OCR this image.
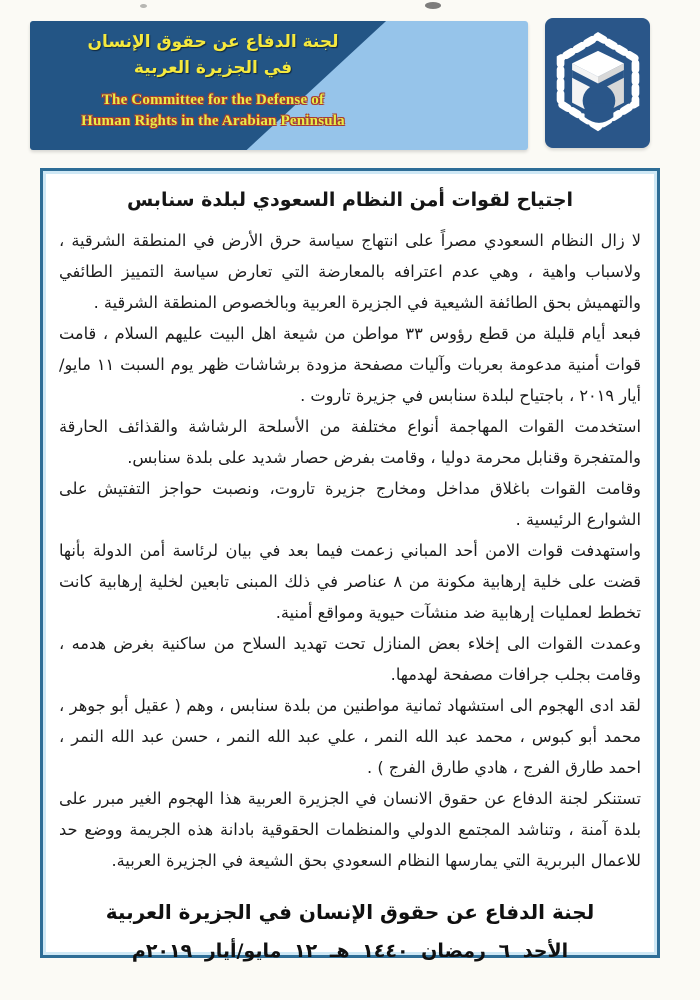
لجنة الدفاع عن حقوق الإنسان
في الجزيرة العربية
The Committee for the Defense of
Human Rights in the Arabian Peninsula
اجتياح لقوات أمن النظام السعودي لبلدة سنابس

لا زال النظام السعودي مصراً على انتهاج سياسة حرق الأرض في المنطقة الشرقية ، ولاسباب واهية ، وهي عدم اعترافه بالمعارضة التي تعارض سياسة التمييز الطائفي والتهميش بحق الطائفة الشيعية في الجزيرة العربية وبالخصوص المنطقة الشرقية .

فبعد أيام قليلة من قطع رؤوس ٣٣ مواطن من شيعة اهل البيت عليهم السلام ، قامت قوات أمنية مدعومة بعربات وآليات مصفحة مزودة برشاشات ظهر يوم السبت ١١ مايو/أيار ٢٠١٩ ، باجتياح لبلدة سنابس في جزيرة تاروت .

استخدمت القوات المهاجمة أنواع مختلفة من الأسلحة الرشاشة والقذائف الحارقة والمتفجرة وقنابل محرمة دوليا ، وقامت بفرض حصار شديد على بلدة سنابس.

وقامت القوات باغلاق مداخل ومخارج جزيرة تاروت، ونصبت حواجز التفتيش على الشوارع الرئيسية .

واستهدفت قوات الامن أحد المباني زعمت فيما بعد في بيان لرئاسة أمن الدولة بأنها قضت على خلية إرهابية مكونة من ٨ عناصر في ذلك المبنى تابعين لخلية إرهابية كانت تخطط لعمليات إرهابية ضد منشآت حيوية ومواقع أمنية.

وعمدت القوات الى إخلاء بعض المنازل تحت تهديد السلاح من ساكنية بغرض هدمه ، وقامت بجلب جرافات مصفحة لهدمها.

لقد ادى الهجوم الى استشهاد ثمانية مواطنين من بلدة سنابس ، وهم ( عقيل أبو جوهر ، محمد أبو كبوس ، محمد عبد الله النمر ، علي عبد الله النمر ، حسن عبد الله النمر ، احمد طارق الفرج ، هادي طارق الفرج ) .

تستنكر لجنة الدفاع عن حقوق الانسان في الجزيرة العربية هذا الهجوم الغير مبرر على بلدة آمنة ، وتناشد المجتمع الدولي والمنظمات الحقوقية بادانة هذه الجريمة ووضع حد للاعمال البربرية التي يمارسها النظام السعودي بحق الشيعة في الجزيرة العربية.

لجنة الدفاع عن حقوق الإنسان في الجزيرة العربية
الأحد ٦ رمضان ١٤٤٠ هـ ١٢ مايو/أيار ٢٠١٩م
